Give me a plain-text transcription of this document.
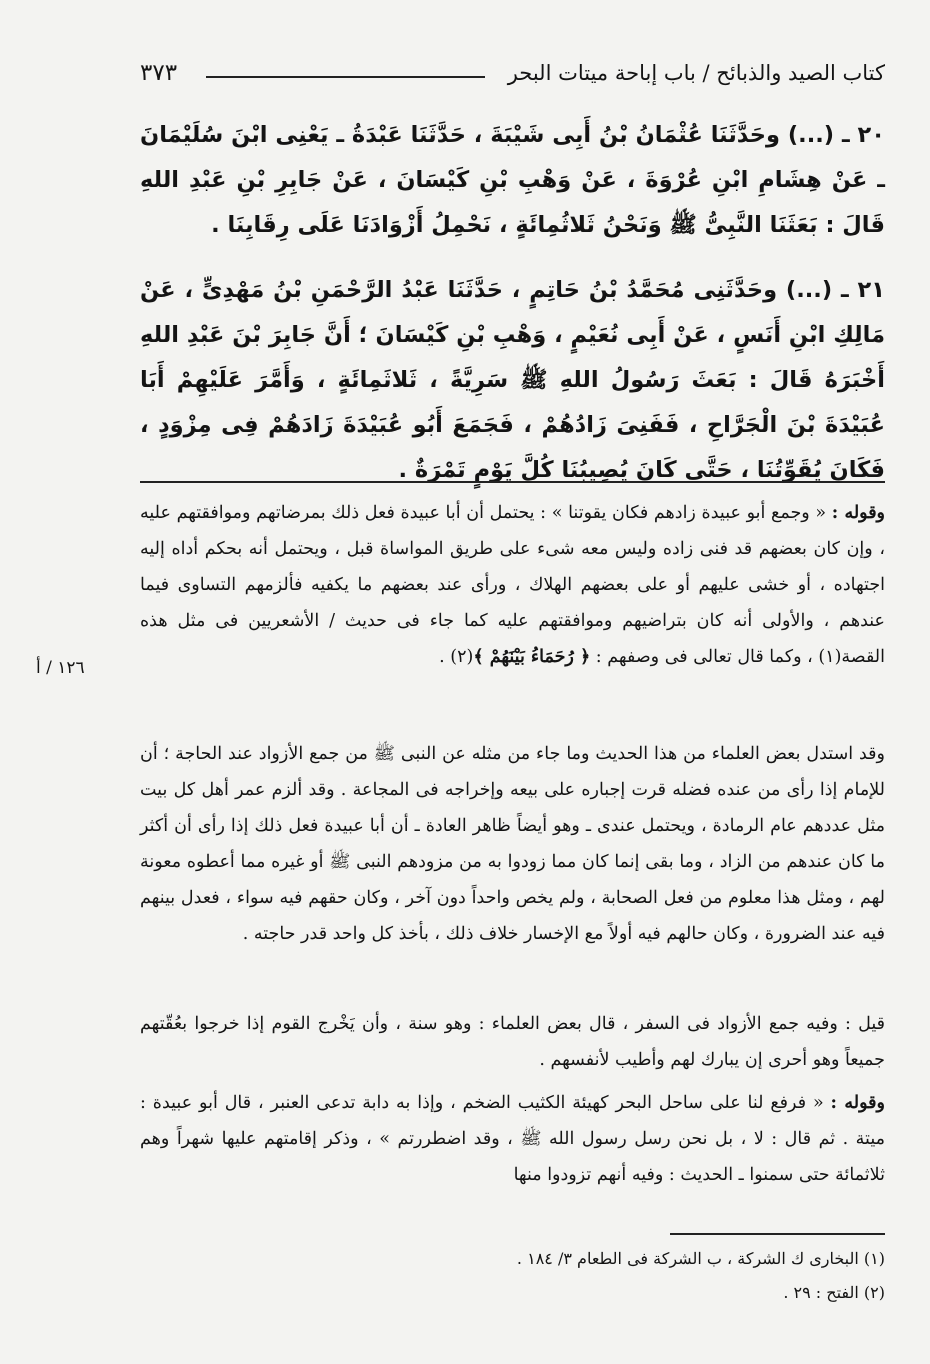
كتاب الصيد والذبائح / باب إباحة ميتات البحر
٣٧٣

٢٠ ـ (...) وحَدَّثَنَا عُثْمَانُ بْنُ أَبِى شَيْبَةَ ، حَدَّثَنَا عَبْدَةُ ـ يَعْنِى ابْنَ سُلَيْمَانَ ـ عَنْ هِشَامِ ابْنِ عُرْوَةَ ، عَنْ وَهْبِ بْنِ كَيْسَانَ ، عَنْ جَابِرِ بْنِ عَبْدِ اللهِ قَالَ : بَعَثَنَا النَّبِىُّ ﷺ وَنَحْنُ ثَلاثُمِائَةٍ ، نَحْمِلُ أَزْوَادَنَا عَلَى رِقَابِنَا .

٢١ ـ (...) وحَدَّثَنِى مُحَمَّدُ بْنُ حَاتِمٍ ، حَدَّثَنَا عَبْدُ الرَّحْمَنِ بْنُ مَهْدِىٍّ ، عَنْ مَالِكِ ابْنِ أَنَسٍ ، عَنْ أَبِى نُعَيْمٍ ، وَهْبِ بْنِ كَيْسَانَ ؛ أَنَّ جَابِرَ بْنَ عَبْدِ اللهِ أَخْبَرَهُ قَالَ : بَعَثَ رَسُولُ اللهِ ﷺ سَرِيَّةً ، ثَلاثَمِائَةٍ ، وَأَمَّرَ عَلَيْهِمْ أَبَا عُبَيْدَةَ بْنَ الْجَرَّاحِ ، فَفَنِىَ زَادُهُمْ ، فَجَمَعَ أَبُو عُبَيْدَةَ زَادَهُمْ فِى مِزْوَدٍ ، فَكَانَ يُقَوِّتُنَا ، حَتَّى كَانَ يُصِيبُنَا كُلَّ يَوْمٍ تَمْرَةٌ .

وقوله : « وجمع أبو عبيدة زادهم فكان يقوتنا » : يحتمل أن أبا عبيدة فعل ذلك بمرضاتهم وموافقتهم عليه ، وإن كان بعضهم قد فنى زاده وليس معه شىء على طريق المواساة قبل ، ويحتمل أنه بحكم أداه إليه اجتهاده ، أو خشى عليهم أو على بعضهم الهلاك ، ورأى عند بعضهم ما يكفيه فألزمهم التساوى فيما عندهم ، والأولى أنه كان بتراضيهم وموافقتهم عليه كما جاء فى حديث / الأشعريين فى مثل هذه القصة(١) ، وكما قال تعالى فى وصفهم : ﴿ رُحَمَاءُ بَيْنَهُمْ ﴾(٢) .

١٢٦ / أ

وقد استدل بعض العلماء من هذا الحديث وما جاء من مثله عن النبى ﷺ من جمع الأزواد عند الحاجة ؛ أن للإمام إذا رأى من عنده فضله قرت إجباره على بيعه وإخراجه فى المجاعة . وقد ألزم عمر أهل كل بيت مثل عددهم عام الرمادة ، ويحتمل عندى ـ وهو أيضاً ظاهر العادة ـ أن أبا عبيدة فعل ذلك إذا رأى أن أكثر ما كان عندهم من الزاد ، وما بقى إنما كان مما زودوا به من مزودهم النبى ﷺ أو غيره مما أعطوه معونة لهم ، ومثل هذا معلوم من فعل الصحابة ، ولم يخص واحداً دون آخر ، وكان حقهم فيه سواء ، فعدل بينهم فيه عند الضرورة ، وكان حالهم فيه أولاً مع الإخسار خلاف ذلك ، بأخذ كل واحد قدر حاجته .

قيل : وفيه جمع الأزواد فى السفر ، قال بعض العلماء : وهو سنة ، وأن يَخْرج القوم إذا خرجوا بعُقّتهم جميعاً وهو أحرى إن يبارك لهم وأطيب لأنفسهم .

وقوله : « فرفع لنا على ساحل البحر كهيئة الكثيب الضخم ، وإذا به دابة تدعى العنبر ، قال أبو عبيدة : ميتة . ثم قال : لا ، بل نحن رسل رسول الله ﷺ ، وقد اضطررتم » ، وذكر إقامتهم عليها شهراً وهم ثلاثمائة حتى سمنوا ـ الحديث : وفيه أنهم تزودوا منها

(١) البخارى ك الشركة ، ب الشركة فى الطعام ٣/ ١٨٤ .

(٢) الفتح : ٢٩ .
